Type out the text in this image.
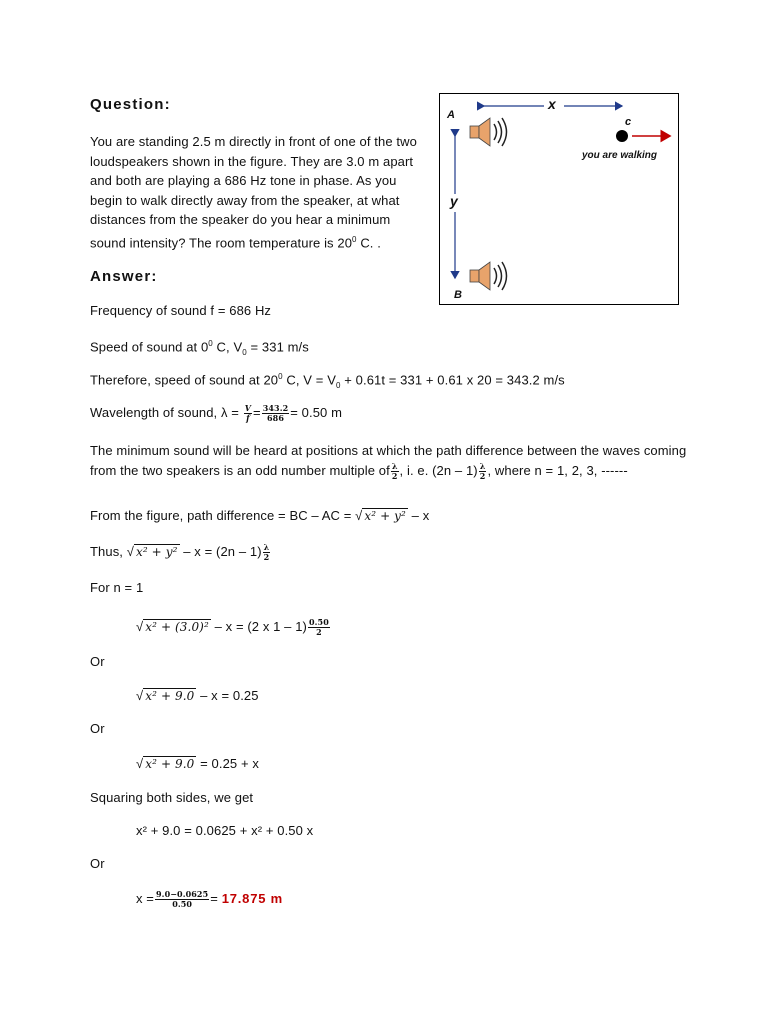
Question:
You are standing 2.5 m directly in front of one of the two loudspeakers shown in the figure. They are 3.0 m apart and both are playing a 686 Hz tone in phase. As you begin to walk directly away from the speaker, at what distances from the speaker do you hear a minimum sound intensity? The room temperature is $20^0$ C. .
A
B
c
x
y
you are walking
Answer:
Frequency of sound f = 686 Hz
Speed of sound at $0^0$ C, $V_0 = 331$ m/s
Therefore, speed of sound at $20^0$ C, $V = V_0 + 0.61t = 331 + 0.61$ x 20 = 343.2 m/s
Wavelength of sound, $\lambda = \frac{V}{f} = \frac{343.2}{686} = 0.50$ m
The minimum sound will be heard at positions at which the path difference between the waves coming
from the two speakers is an odd number multiple of $\frac{\lambda}{2}$ , i. e. $(2n - 1) \frac{\lambda}{2}$ , where n = 1, 2, 3, ------
From the figure, path difference = BC – AC = √ x² + y² – x
Thus, √ $x^2 + y^2 - x = (2n - 1) \frac{\lambda}{2}$
For n = 1
√ x² + (3.0)² – x = (2 x $1 - 1) \frac{0.50}{2}$
Or
√ x² + 9.0 – x = 0.25
Or
√ x² + 9.0 = 0.25 + x
Squaring both sides, we get
x² + 9.0 = 0.0625 + x² + 0.50 x
Or
$x = \frac{9.0-0.0625}{0.50} = 17.875$ m
